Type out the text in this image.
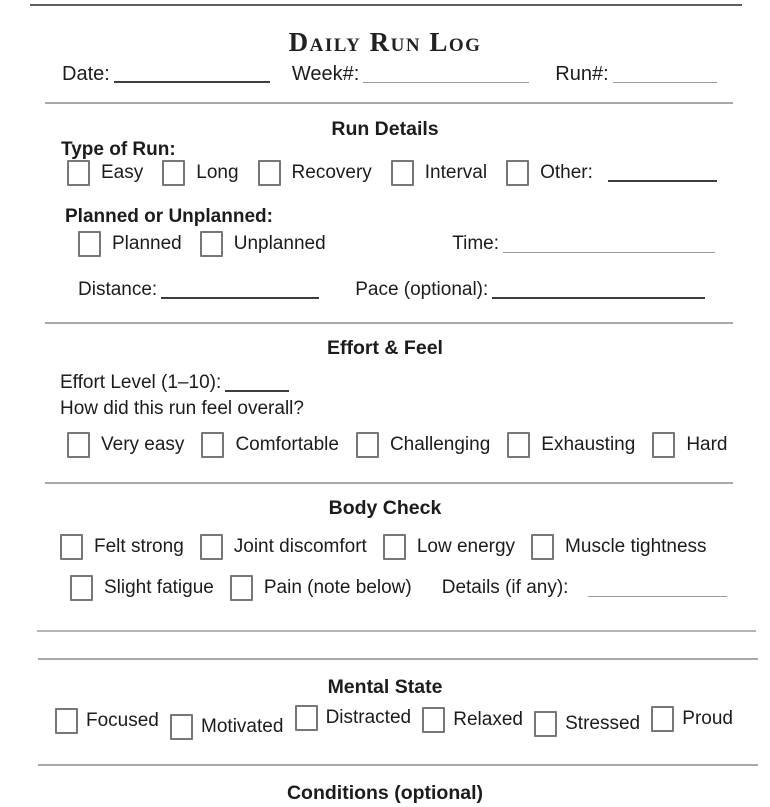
Daily Run Log
Date:	Week#:	Run#:
Run Details
Type of Run:
Easy	Long	Recovery	Interval	Other:
Planned or Unplanned:
Planned	Unplanned	Time:
Distance:	Pace (optional):
Effort & Feel
Effort Level (1–10):
How did this run feel overall?
Very easy	Comfortable	Challenging	Exhausting	Hard
Body Check
Felt strong	Joint discomfort	Low energy	Muscle tightness
Slight fatigue	Pain (note below) Details (if any):
Mental State
Focused Motivated Distracted Relaxed Stressed Proud
Conditions (optional)
